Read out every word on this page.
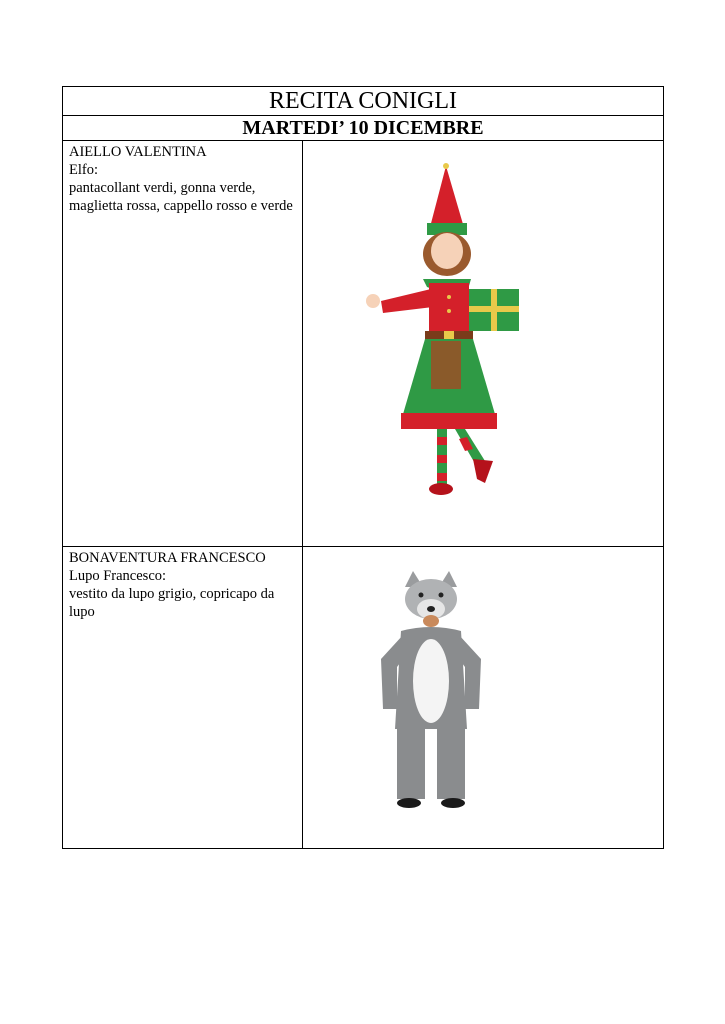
RECITA CONIGLI	
MARTEDI’ 10 DICEMBRE	

AIELLO VALENTINA
Elfo:
pantacollant verdi, gonna verde, maglietta rossa, cappello rosso e verde

BONAVENTURA FRANCESCO
Lupo Francesco:
vestito da lupo grigio, copricapo da lupo
